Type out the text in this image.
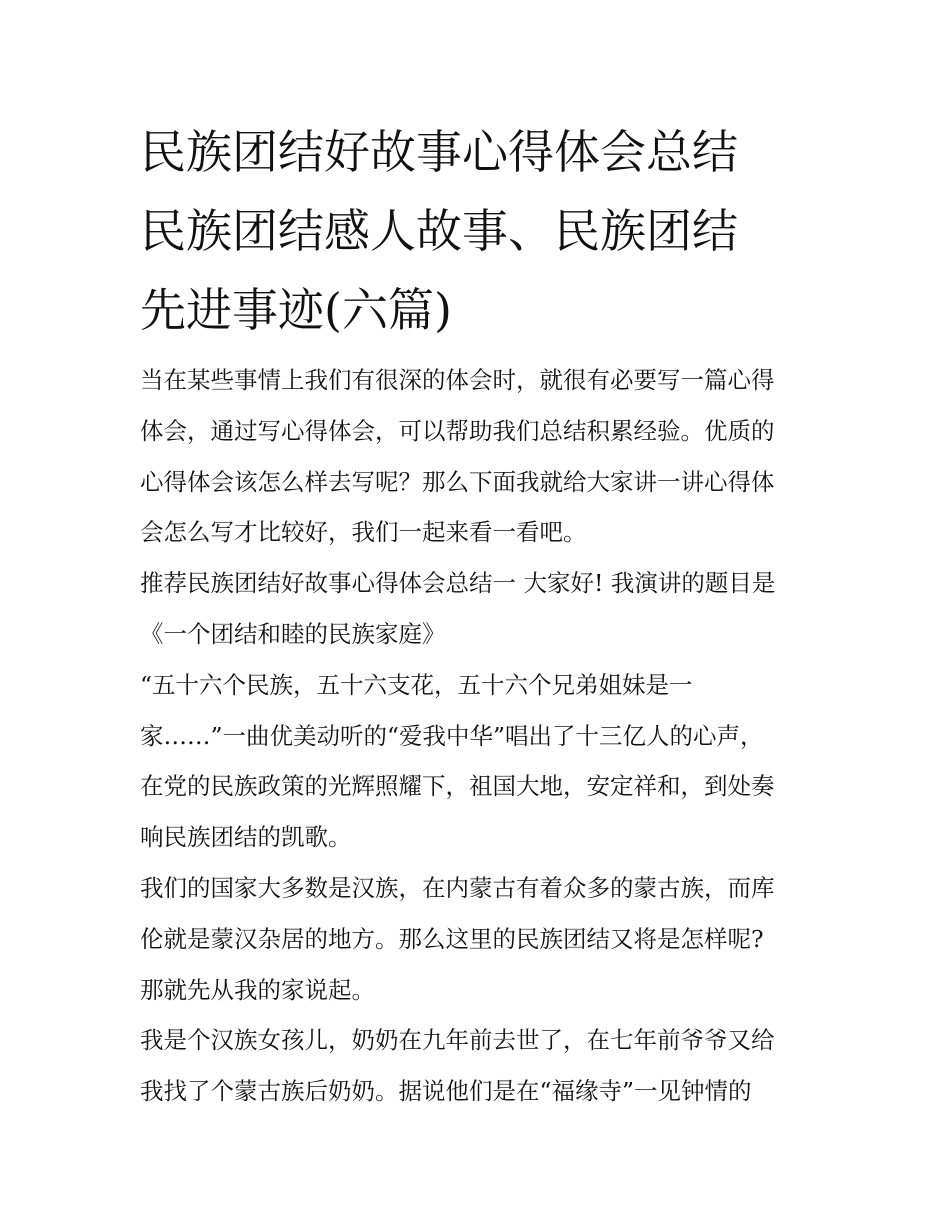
民族团结好故事心得体会总结
民族团结感人故事、民族团结
先进事迹(六篇)
当在某些事情上我们有很深的体会时，就很有必要写一篇心得
体会，通过写心得体会，可以帮助我们总结积累经验。优质的
心得体会该怎么样去写呢？那么下面我就给大家讲一讲心得体
会怎么写才比较好，我们一起来看一看吧。
推荐民族团结好故事心得体会总结一 大家好! 我演讲的题目是
《一个团结和睦的民族家庭》
“五十六个民族，五十六支花，五十六个兄弟姐妹是一
家……”一曲优美动听的“爱我中华”唱出了十三亿人的心声，
在党的民族政策的光辉照耀下，祖国大地，安定祥和，到处奏
响民族团结的凯歌。
我们的国家大多数是汉族，在内蒙古有着众多的蒙古族，而库
伦就是蒙汉杂居的地方。那么这里的民族团结又将是怎样呢?
那就先从我的家说起。
我是个汉族女孩儿，奶奶在九年前去世了，在七年前爷爷又给
我找了个蒙古族后奶奶。据说他们是在“福缘寺”一见钟情的
